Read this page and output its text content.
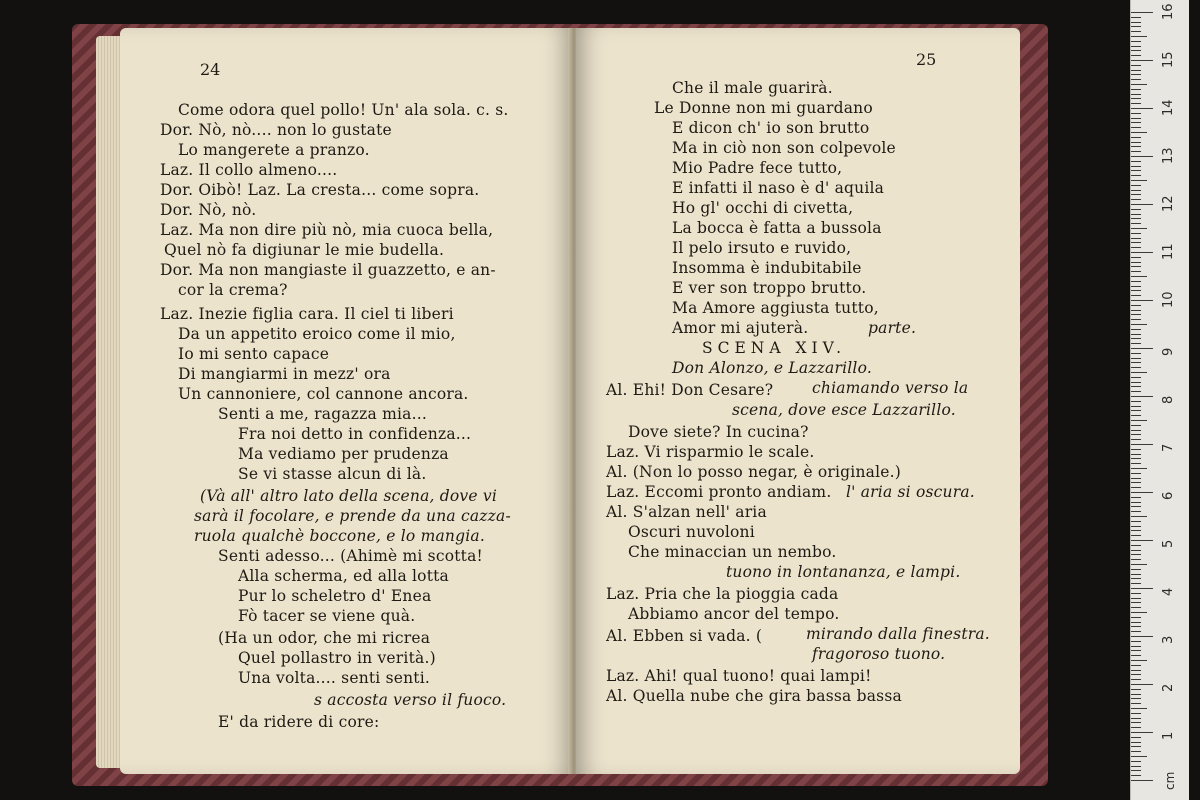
24
Come odora quel pollo! Un' ala sola. c. s.
Dor. Nò, nò.... non lo gustate
Lo mangerete a pranzo.
Laz. Il collo almeno....
Dor. Oibò! Laz. La cresta... come sopra.
Dor. Nò, nò.
Laz. Ma non dire più nò, mia cuoca bella,
Quel nò fa digiunar le mie budella.
Dor. Ma non mangiaste il guazzetto, e an-
cor la crema?
Laz. Inezie figlia cara. Il ciel ti liberi
Da un appetito eroico come il mio,
Io mi sento capace
Di mangiarmi in mezz' ora
Un cannoniere, col cannone ancora.
Senti a me, ragazza mia...
Fra noi detto in confidenza...
Ma vediamo per prudenza
Se vi stasse alcun di là.
(Và all' altro lato della scena, dove vi
sarà il focolare, e prende da una cazza-
ruola qualchè boccone, e lo mangia.
Senti adesso... (Ahimè mi scotta!
Alla scherma, ed alla lotta
Pur lo scheletro d' Enea
Fò tacer se viene quà.
(Ha un odor, che mi ricrea
Quel pollastro in verità.)
Una volta.... senti senti.
s accosta verso il fuoco.
E' da ridere di core:
25
Che il male guarirà.
Le Donne non mi guardano
E dicon ch' io son brutto
Ma in ciò non son colpevole
Mio Padre fece tutto,
E infatti il naso è d' aquila
Ho gl' occhi di civetta,
La bocca è fatta a bussola
Il pelo irsuto e ruvido,
Insomma è indubitabile
E ver son troppo brutto.
Ma Amore aggiusta tutto,
Amor mi ajuterà.	parte.
SCENA XIV.
Don Alonzo, e Lazzarillo.
Al. Ehi! Don Cesare?	chiamando verso la
scena, dove esce Lazzarillo.
Dove siete? In cucina?
Laz. Vi risparmio le scale.
Al. (Non lo posso negar, è originale.)
Laz. Eccomi pronto andiam. l' aria si oscura.
Al. S'alzan nell' aria
Oscuri nuvoloni
Che minaccian un nembo.
tuono in lontananza, e lampi.
Laz. Pria che la pioggia cada
Abbiamo ancor del tempo.
Al. Ebben si vada. (	mirando dalla finestra.
fragoroso tuono.
Laz. Ahi! qual tuono! quai lampi!
Al. Quella nube che gira bassa bassa
cm
1
2
3
4
5
6
7
8
9
10
11
12
13
14
15
16
